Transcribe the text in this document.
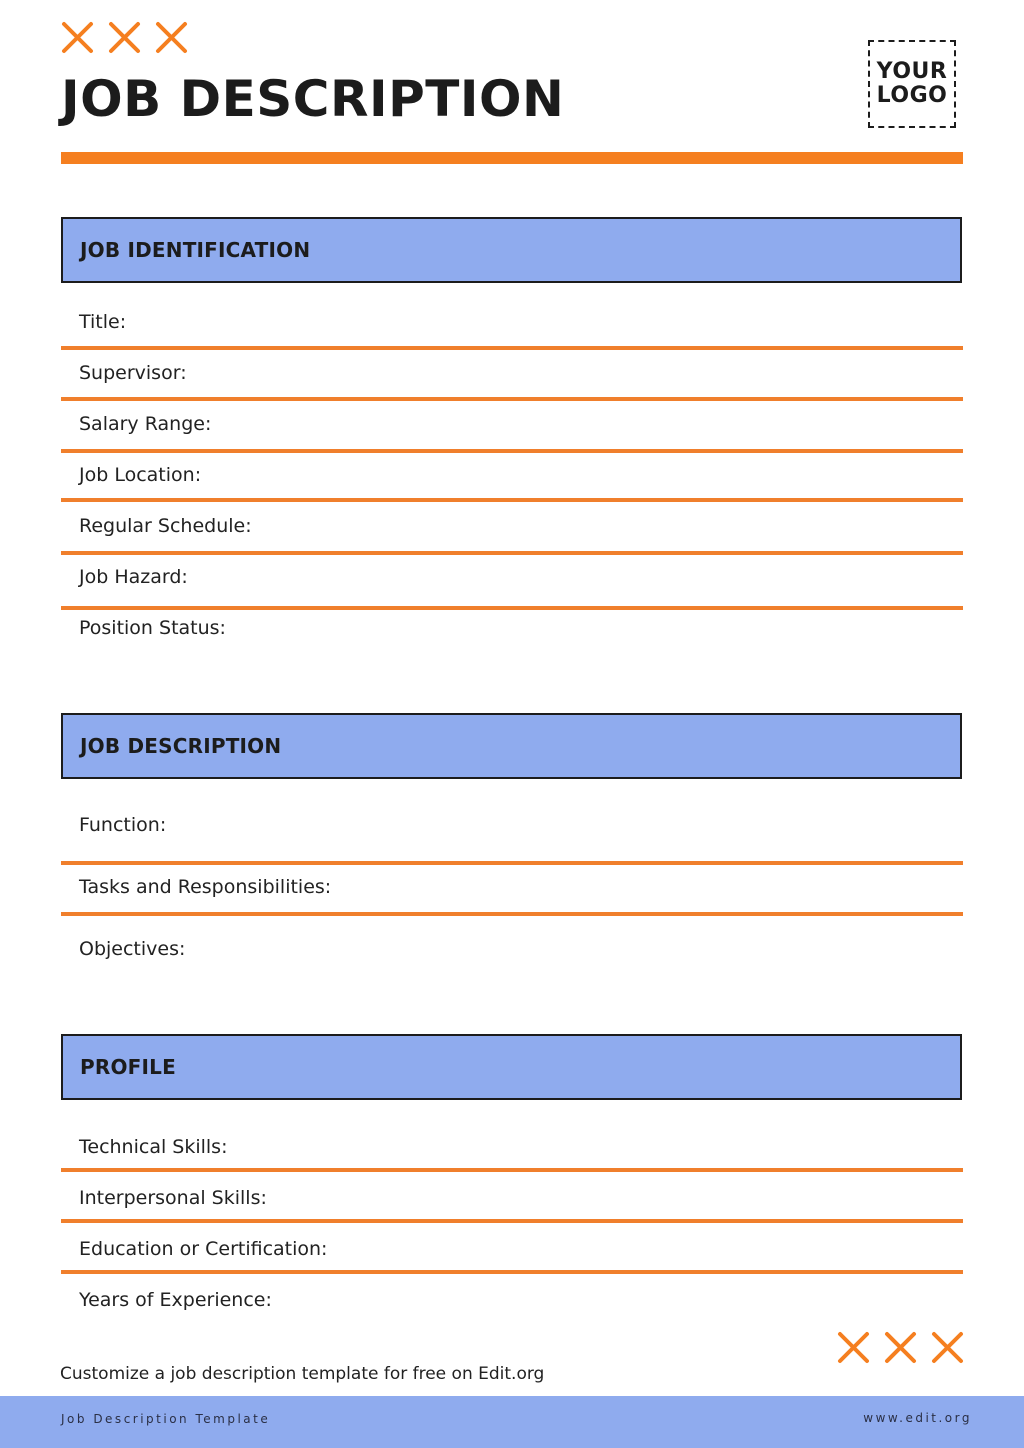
JOB DESCRIPTION	YOUR
LOGO
JOB IDENTIFICATION
Title:
Supervisor:
Salary Range:
Job Location:
Regular Schedule:
Job Hazard:
Position Status:
JOB DESCRIPTION
Function:
Tasks and Responsibilities:
Objectives:
PROFILE
Technical Skills:
Interpersonal Skills:
Education or Certification:
Years of Experience:
Customize a job description template for free on Edit.org
Job Description Template	www.edit.org
